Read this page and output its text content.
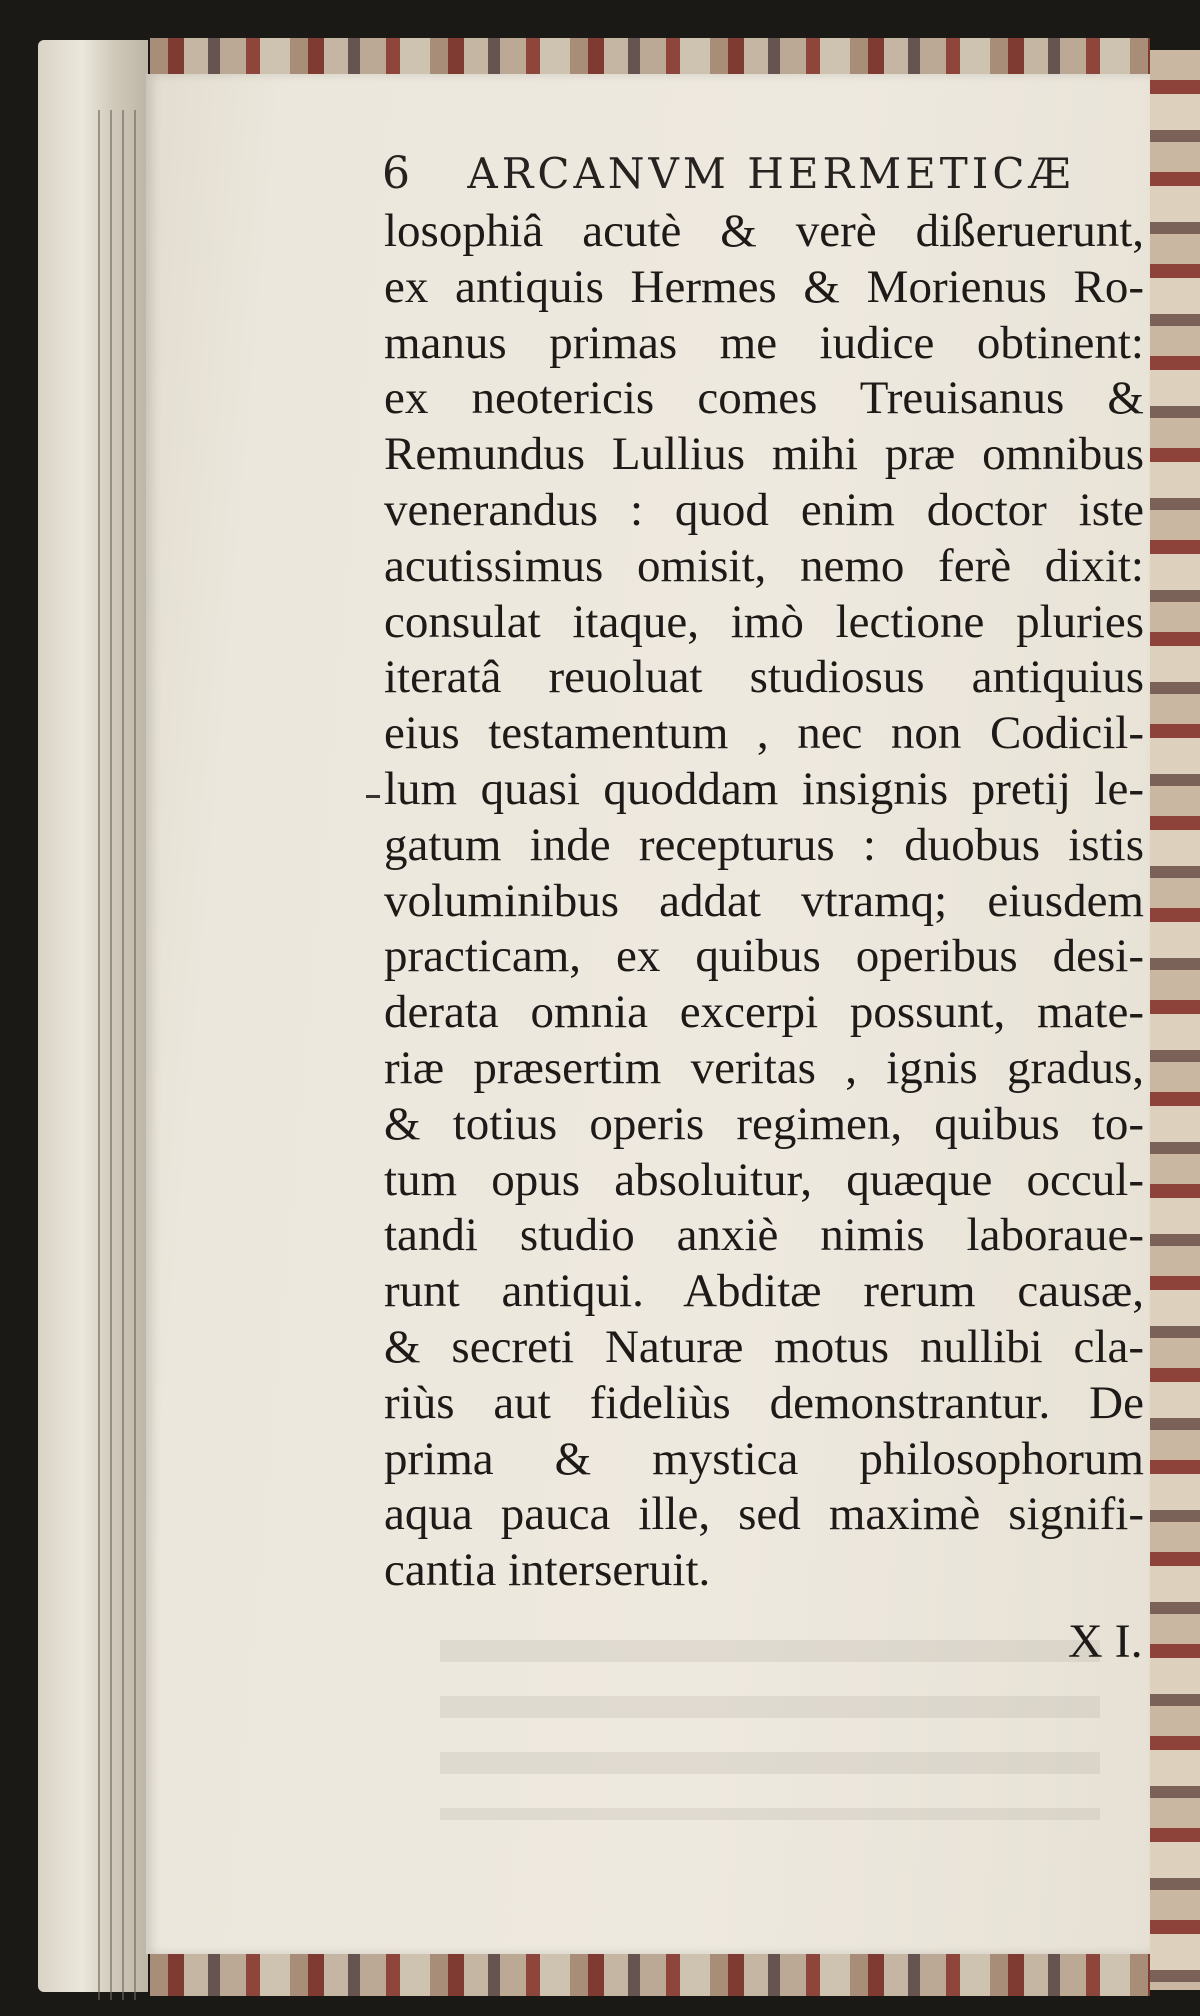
6 ARCANVM HERMETICÆ
losophiâ acutè & verè dißeruerunt,
ex antiquis Hermes & Morienus Ro-
manus primas me iudice obtinent:
ex neotericis comes Treuisanus &
Remundus Lullius mihi præ omnibus
venerandus : quod enim doctor iste
acutissimus omisit, nemo ferè dixit:
consulat itaque, imò lectione pluries
iteratâ reuoluat studiosus antiquius
eius testamentum , nec non Codicil-
lum quasi quoddam insignis pretij le-
gatum inde recepturus : duobus istis
voluminibus addat vtramq; eiusdem
practicam, ex quibus operibus desi-
derata omnia excerpi possunt, mate-
riæ præsertim veritas , ignis gradus,
& totius operis regimen, quibus to-
tum opus absoluitur, quæque occul-
tandi studio anxiè nimis laboraue-
runt antiqui. Abditæ rerum causæ,
& secreti Naturæ motus nullibi cla-
riùs aut fideliùs demonstrantur. De
prima & mystica philosophorum
aqua pauca ille, sed maximè signifi-
cantia interseruit.
X I.
